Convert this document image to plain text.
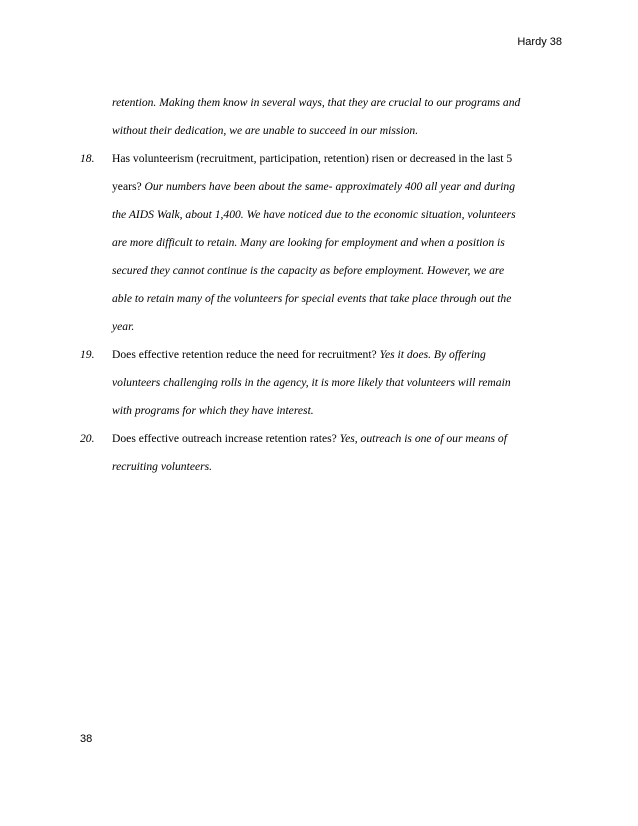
Hardy 38
retention. Making them know in several ways, that they are crucial to our programs and
without their dedication, we are unable to succeed in our mission.
18. Has volunteerism (recruitment, participation, retention) risen or decreased in the last 5
years? Our numbers have been about the same- approximately 400 all year and during
the AIDS Walk, about 1,400. We have noticed due to the economic situation, volunteers
are more difficult to retain. Many are looking for employment and when a position is
secured they cannot continue is the capacity as before employment. However, we are
able to retain many of the volunteers for special events that take place through out the
year.
19. Does effective retention reduce the need for recruitment? Yes it does. By offering
volunteers challenging rolls in the agency, it is more likely that volunteers will remain
with programs for which they have interest.
20. Does effective outreach increase retention rates? Yes, outreach is one of our means of
recruiting volunteers.
38
